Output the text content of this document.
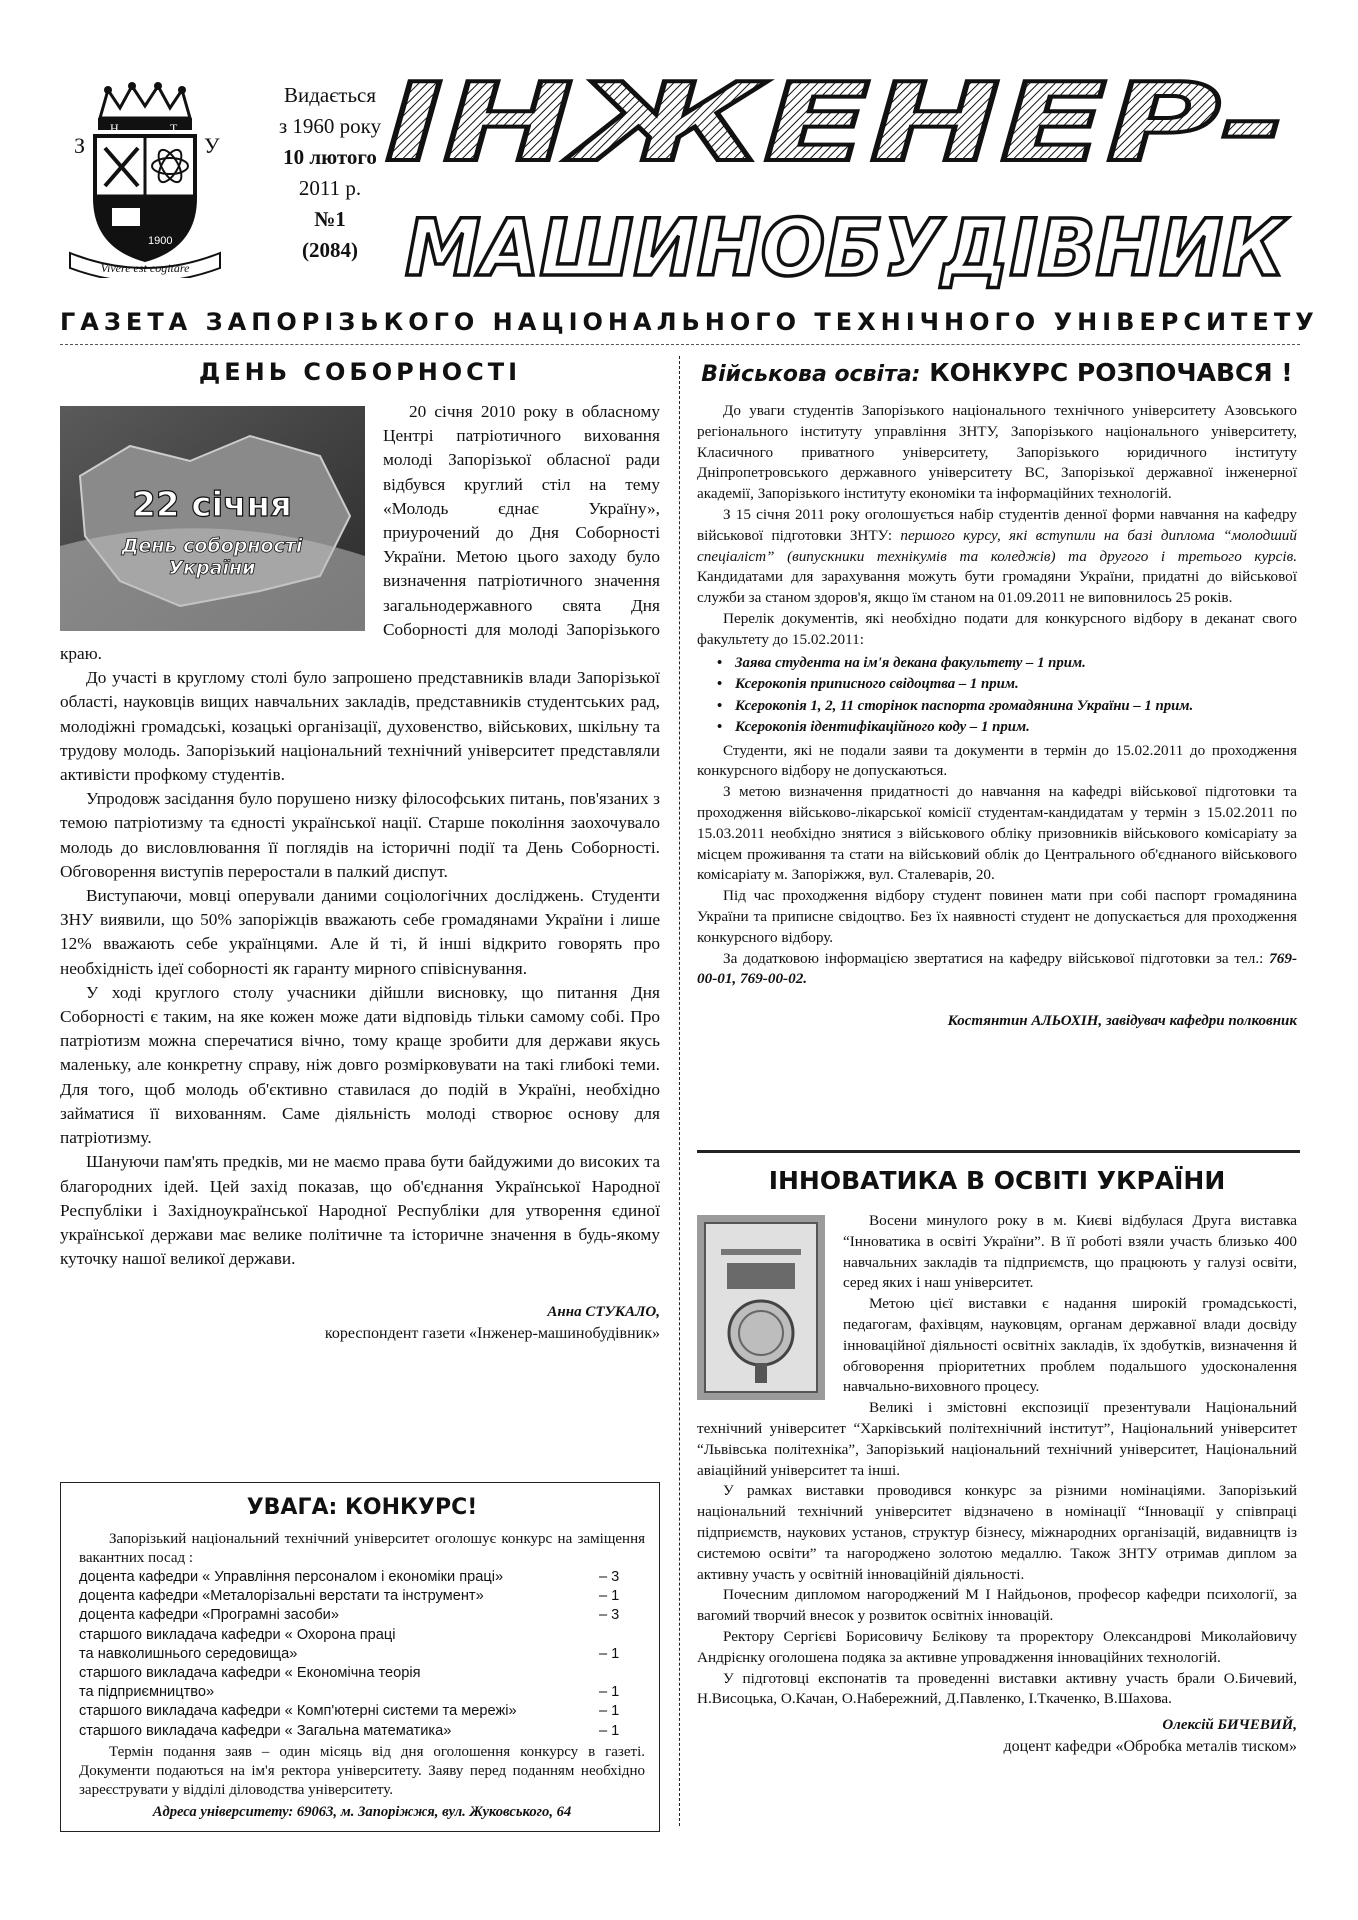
З
Н	Т
У
1900
Vivere est cogitare
Видається
з 1960 року
10 лютого
2011 р.
№1
(2084)
ІНЖЕНЕР-
МАШИНОБУДІВНИК
ГАЗЕТА ЗАПОРІЗЬКОГО НАЦІОНАЛЬНОГО ТЕХНІЧНОГО УНІВЕРСИТЕТУ
ДЕНЬ СОБОРНОСТІ
22 січня
День соборності
України

20 січня 2010 року в обласному Центрі патріотичного виховання молоді Запорізької обласної ради відбувся круглий стіл на тему «Молодь єднає Україну», приурочений до Дня Соборності України. Метою цього заходу було визначення патріотичного значення загальнодержавного свята Дня Соборності для молоді Запорізького краю.

До участі в круглому столі було запрошено представників влади Запорізької області, науковців вищих навчальних закладів, представників студентських рад, молодіжні громадські, козацькі організації, духовенство, військових, шкільну та трудову молодь. Запорізький національний технічний університет представляли активісти профкому студентів.

Упродовж засідання було порушено низку філософських питань, пов'язаних з темою патріотизму та єдності української нації. Старше покоління заохочувало молодь до висловлювання її поглядів на історичні події та День Соборності. Обговорення виступів переростали в палкий диспут.

Виступаючи, мовці оперували даними соціологічних досліджень. Студенти ЗНУ виявили, що 50% запоріжців вважають себе громадянами України і лише 12% вважають себе українцями. Але й ті, й інші відкрито говорять про необхідність ідеї соборності як гаранту мирного співіснування.

У ході круглого столу учасники дійшли висновку, що питання Дня Соборності є таким, на яке кожен може дати відповідь тільки самому собі. Про патріотизм можна сперечатися вічно, тому краще зробити для держави якусь маленьку, але конкретну справу, ніж довго розмірковувати на такі глибокі теми. Для того, щоб молодь об'єктивно ставилася до подій в Україні, необхідно займатися її вихованням. Саме діяльність молоді створює основу для патріотизму.

Шануючи пам'ять предків, ми не маємо права бути байдужими до високих та благородних ідей. Цей захід показав, що об'єднання Української Народної Республіки і Західноукраїнської Народної Республіки для утворення єдиної української держави має велике політичне та історичне значення в будь-якому куточку нашої великої держави.

Анна СТУКАЛО,
кореспондент газети «Інженер-машинобудівник»
УВАГА: КОНКУРС!

Запорізький національний технічний університет оголошує конкурс на заміщення вакантних посад :

доцента кафедри « Управління персоналом і економіки праці»	– 3
доцента кафедри «Металорізальні верстати та інструмент»	– 1
доцента кафедри «Програмні засоби»	– 3
старшого викладача кафедри « Охорона праці
та навколишнього середовища»	– 1
старшого викладача кафедри « Економічна теорія
та підприємництво»	– 1
старшого викладача кафедри « Комп'ютерні системи та мережі»	– 1
старшого викладача кафедри « Загальна математика»	– 1

Термін подання заяв – один місяць від дня оголошення конкурсу в газеті. Документи подаються на ім'я ректора університету. Заяву перед поданням необхідно зареєструвати у відділі діловодства університету.

Адреса університету: 69063, м. Запоріжжя, вул. Жуковського, 64
Військова освіта: КОНКУРС РОЗПОЧАВСЯ !

До уваги студентів Запорізького національного технічного університету Азовського регіонального інституту управління ЗНТУ, Запорізького національного університету, Класичного приватного університету, Запорізького юридичного інституту Дніпропетровського державного університету ВС, Запорізької державної інженерної академії, Запорізького інституту економіки та інформаційних технологій.

З 15 січня 2011 року оголошується набір студентів денної форми навчання на кафедру військової підготовки ЗНТУ: першого курсу, які вступили на базі диплома “молодший спеціаліст” (випускники технікумів та коледжів) та другого і третього курсів. Кандидатами для зарахування можуть бути громадяни України, придатні до військової служби за станом здоров'я, якщо їм станом на 01.09.2011 не виповнилось 25 років.

Перелік документів, які необхідно подати для конкурсного відбору в деканат свого факультету до 15.02.2011:

• Заява студента на ім'я декана факультету – 1 прим.
• Ксерокопія приписного свідоцтва – 1 прим.
• Ксерокопія 1, 2, 11 сторінок паспорта громадянина України – 1 прим.
• Ксерокопія ідентифікаційного коду – 1 прим.

Студенти, які не подали заяви та документи в термін до 15.02.2011 до проходження конкурсного відбору не допускаються.

З метою визначення придатності до навчання на кафедрі військової підготовки та проходження військово-лікарської комісії студентам-кандидатам у термін з 15.02.2011 по 15.03.2011 необхідно знятися з військового обліку призовників військового комісаріату за місцем проживання та стати на військовий облік до Центрального об'єднаного військового комісаріату м. Запоріжжя, вул. Сталеварів, 20.

Під час проходження відбору студент повинен мати при собі паспорт громадянина України та приписне свідоцтво. Без їх наявності студент не допускається для проходження конкурсного відбору.

За додатковою інформацією звертатися на кафедру військової підготовки за тел.: 769-00-01, 769-00-02.

Костянтин АЛЬОХІН, завідувач кафедри полковник
ІННОВАТИКА В ОСВІТІ УКРАЇНИ

Восени минулого року в м. Києві відбулася Друга виставка “Інноватика в освіті України”. В її роботі взяли участь близько 400 навчальних закладів та підприємств, що працюють у галузі освіти, серед яких і наш університет.

Метою цієї виставки є надання широкій громадськості, педагогам, фахівцям, науковцям, органам державної влади досвіду інноваційної діяльності освітніх закладів, їх здобутків, визначення й обговорення пріоритетних проблем подальшого удосконалення навчально-виховного процесу.

Великі і змістовні експозиції презентували Національний технічний університет “Харківський політехнічний інститут”, Національний університет “Львівська політехніка”, Запорізький національний технічний університет, Національний авіаційний університет та інші.

У рамках виставки проводився конкурс за різними номінаціями. Запорізький національний технічний університет відзначено в номінації “Інновації у співпраці підприємств, наукових установ, структур бізнесу, міжнародних організацій, видавництв із системою освіти” та нагороджено золотою медаллю. Також ЗНТУ отримав диплом за активну участь у освітній інноваційній діяльності.

Почесним дипломом нагороджений М І Найдьонов, професор кафедри психології, за вагомий творчий внесок у розвиток освітніх інновацій.

Ректору Сергієві Борисовичу Бєлікову та проректору Олександрові Миколайовичу Андрієнку оголошена подяка за активне упровадження інноваційних технологій.

У підготовці експонатів та проведенні виставки активну участь брали О.Бичевий, Н.Висоцька, О.Качан, О.Набережний, Д.Павленко, І.Ткаченко, В.Шахова.

Олексій БИЧЕВИЙ,
доцент кафедри «Обробка металів тиском»
